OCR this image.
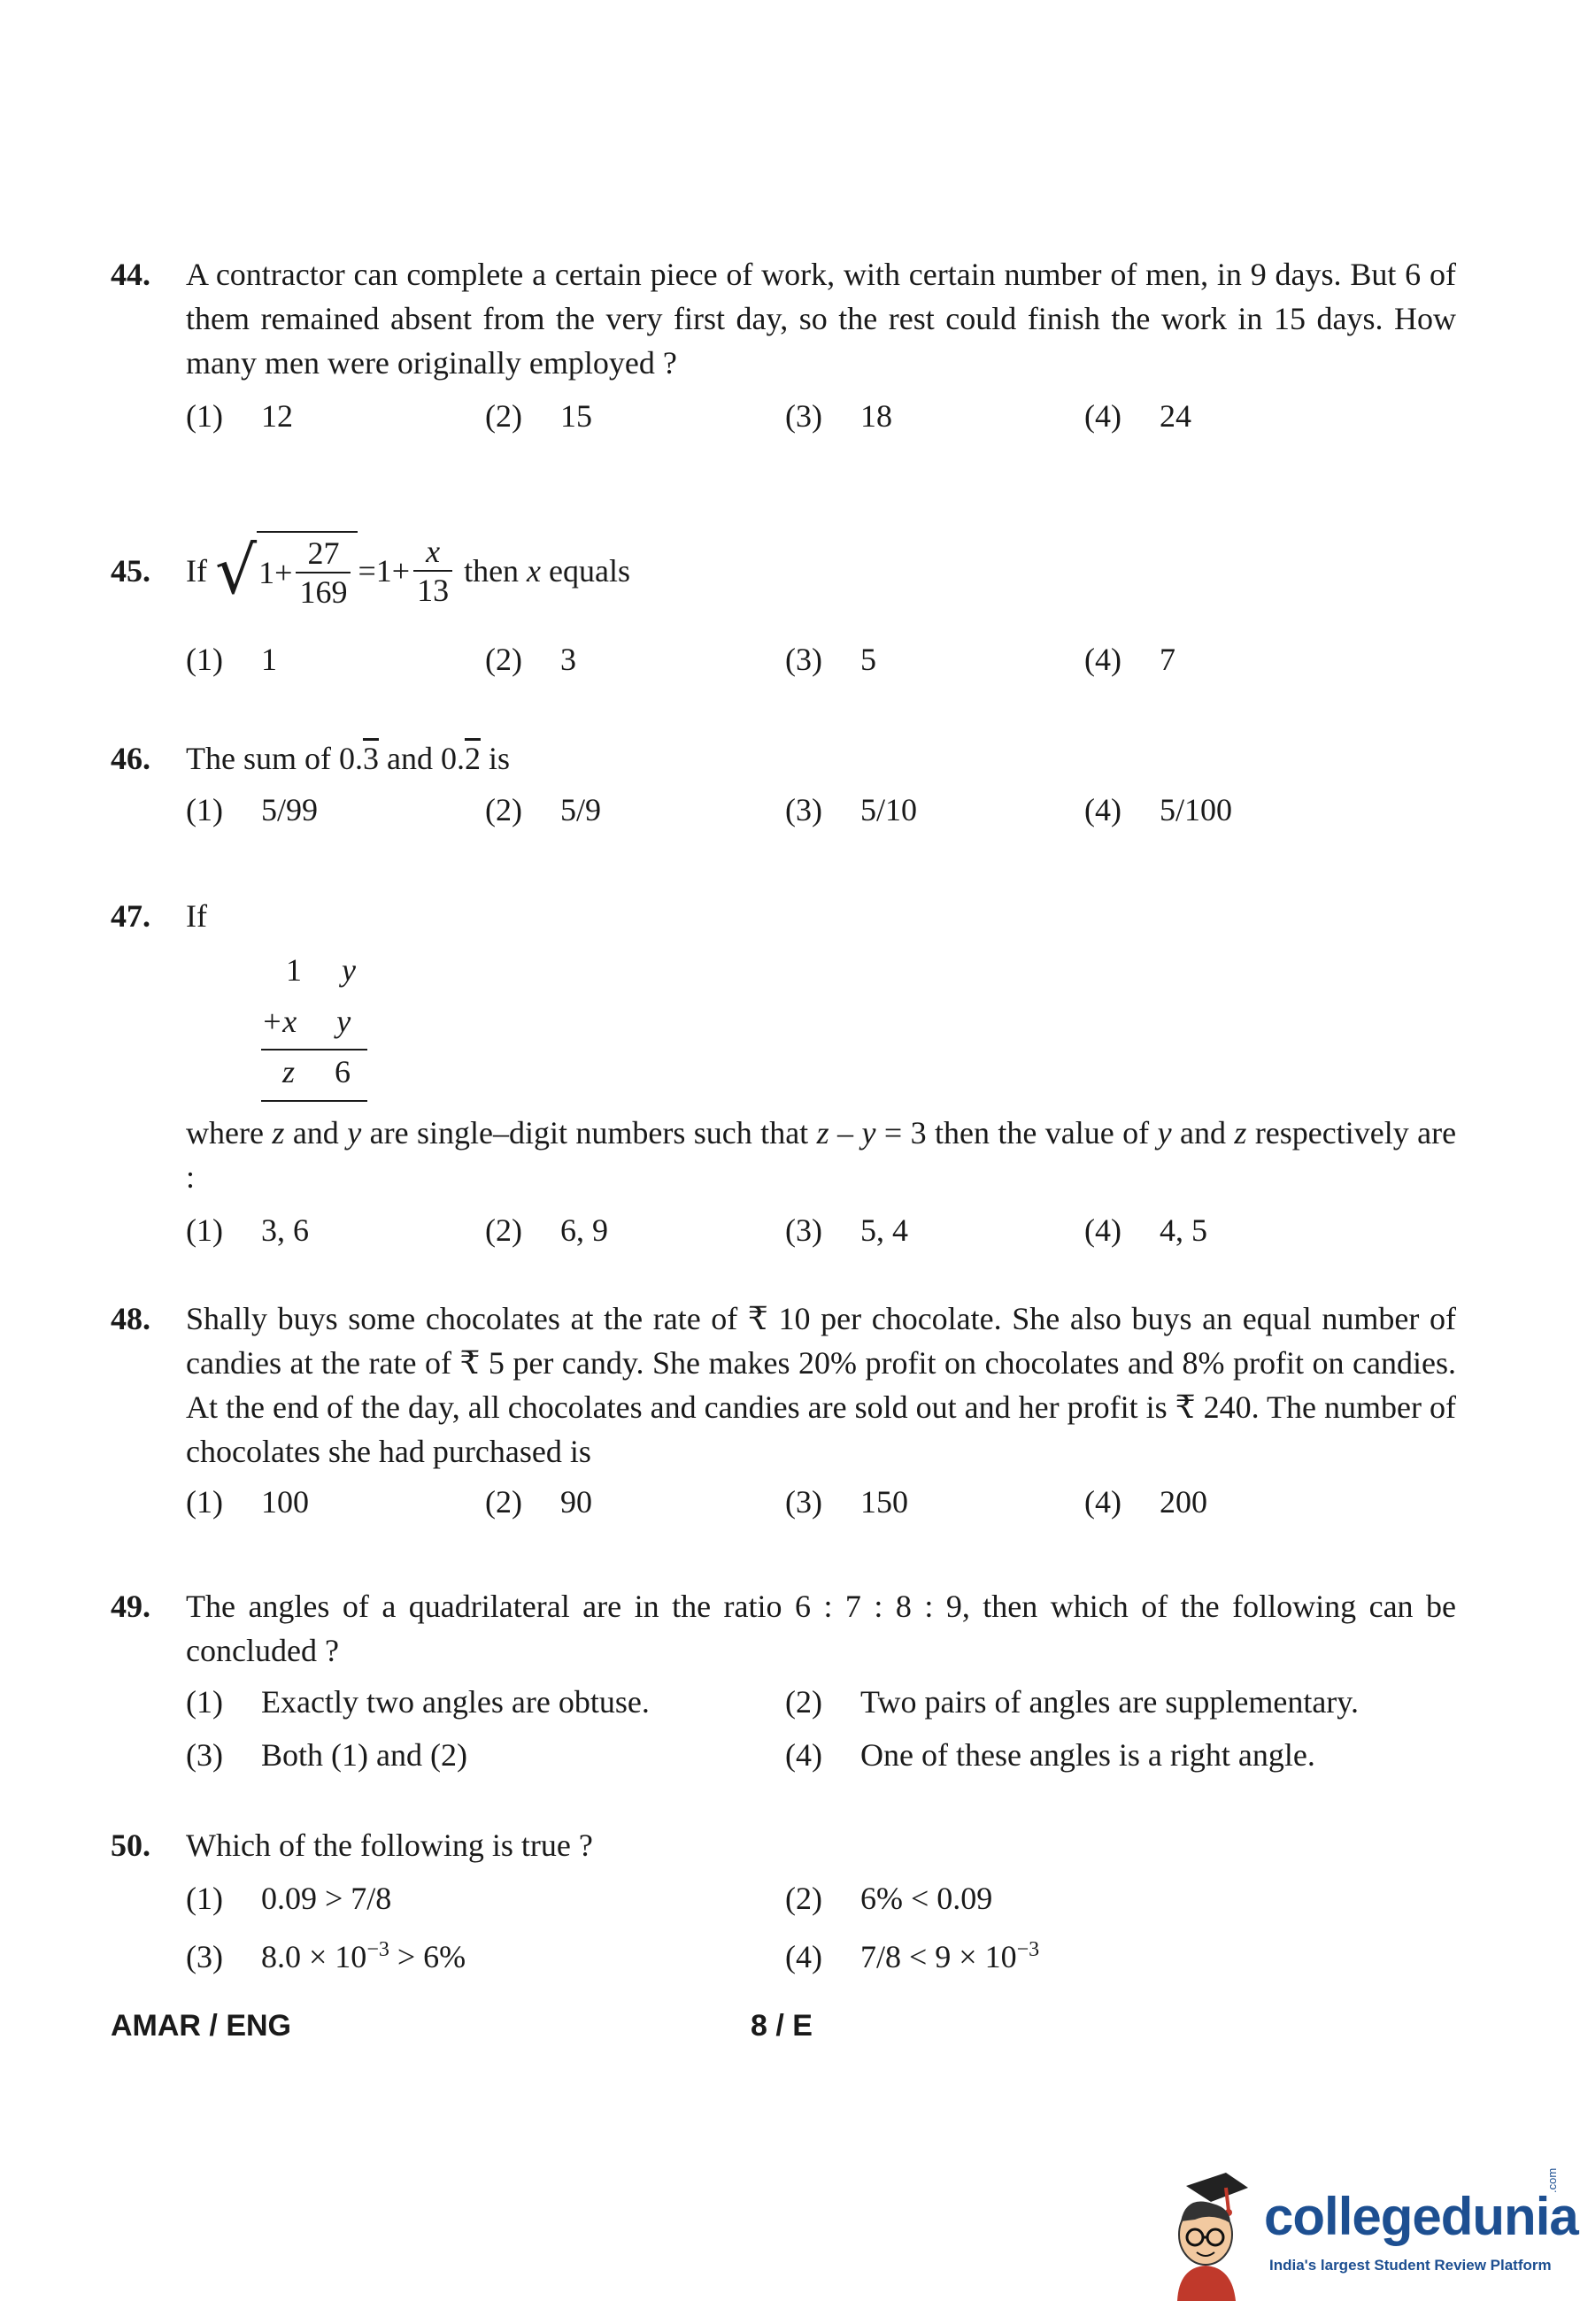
44. A contractor can complete a certain piece of work, with certain number of men, in 9 days. But 6 of them remained absent from the very first day, so the rest could finish the work in 15 days. How many men were originally employed ?
(1) 12	(2) 15	(3) 18	(4) 24
45. If
√ $1+ \frac{27}{169} =1+ \frac{x}{13}$
then
x
equals
(1) 1	(2) 3	(3) 5	(4) 7
46. The sum of 0.3 and 0.2 is
(1) 5/99	(2) 5/9	(3) 5/10	(4) 5/100
47. If
1 y
+x y
z 6
where z and y are single–digit numbers such that z – y = 3 then the value of y and z respectively are :
(1) 3, 6	(2) 6, 9	(3) 5, 4	(4) 4, 5
48. Shally buys some chocolates at the rate of ₹ 10 per chocolate. She also buys an equal number of candies at the rate of ₹ 5 per candy. She makes 20% profit on chocolates and 8% profit on candies. At the end of the day, all chocolates and candies are sold out and her profit is ₹ 240. The number of chocolates she had purchased is
(1) 100	(2) 90	(3) 150	(4) 200
49. The angles of a quadrilateral are in the ratio 6 : 7 : 8 : 9, then which of the following can be concluded ?
(1) Exactly two angles are obtuse.	(2) Two pairs of angles are supplementary.
(3) Both (1) and (2)	(4) One of these angles is a right angle.
50. Which of the following is true ?
(1) 0.09 > 7/8	(2) 6% < 0.09
(3) $8.0 \times 10^{-3} > 6\%$	(4) $7/8 < 9 \times 10^{-3}$
AMAR / ENG	8 / E
collegedunia
.com
India's largest Student Review Platform
